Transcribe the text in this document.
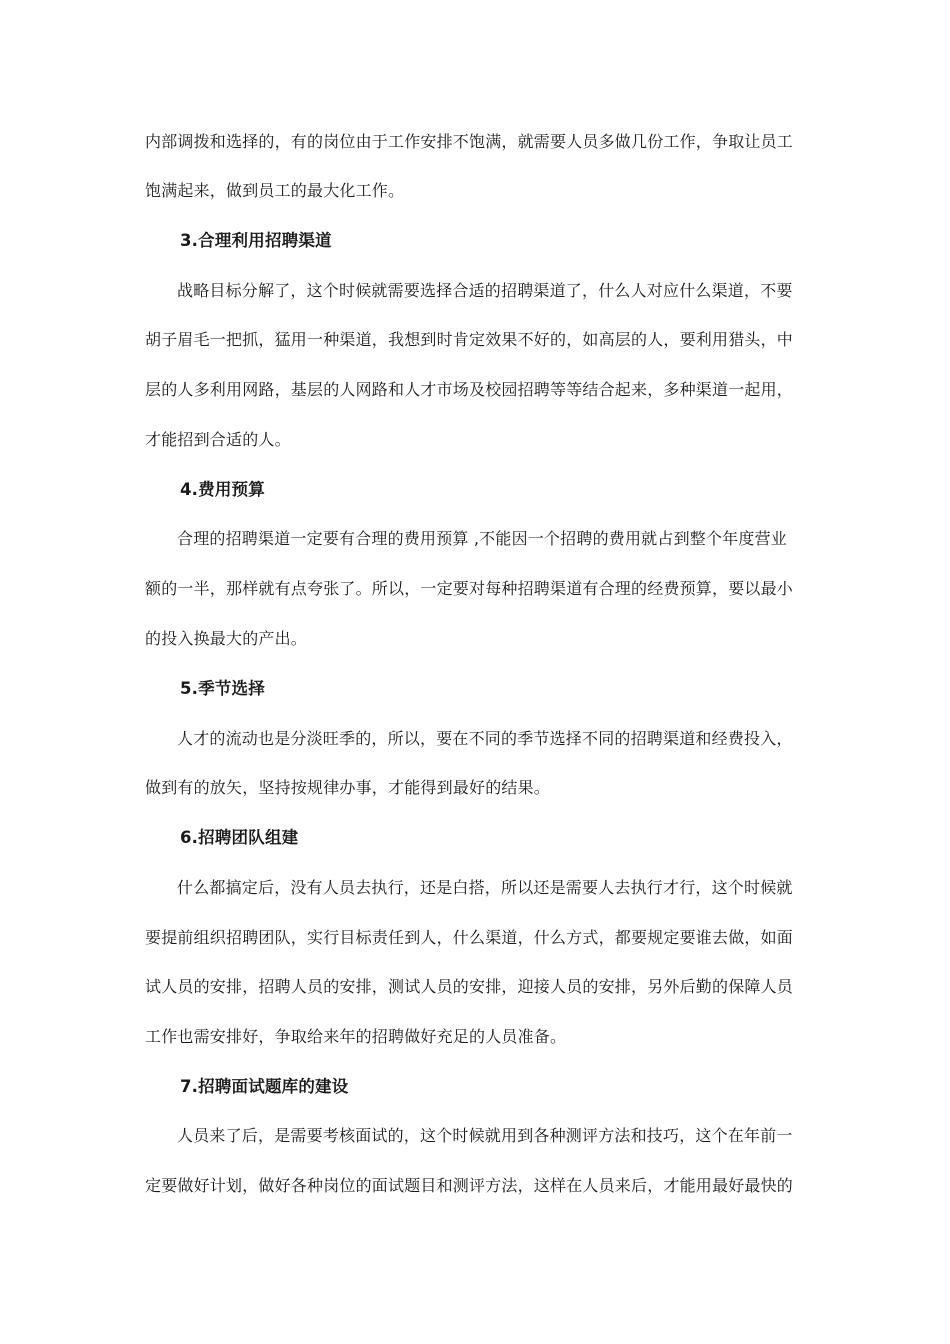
内部调拨和选择的，有的岗位由于工作安排不饱满，就需要人员多做几份工作，争取让员工
饱满起来，做到员工的最大化工作。
3.合理利用招聘渠道
战略目标分解了，这个时候就需要选择合适的招聘渠道了，什么人对应什么渠道，不要
胡子眉毛一把抓，猛用一种渠道，我想到时肯定效果不好的，如高层的人，要利用猎头，中
层的人多利用网路，基层的人网路和人才市场及校园招聘等等结合起来，多种渠道一起用，
才能招到合适的人。
4.费用预算
合理的招聘渠道一定要有合理的费用预算 ,不能因一个招聘的费用就占到整个年度营业
额的一半，那样就有点夸张了。所以，一定要对每种招聘渠道有合理的经费预算，要以最小
的投入换最大的产出。
5.季节选择
人才的流动也是分淡旺季的，所以，要在不同的季节选择不同的招聘渠道和经费投入，
做到有的放矢，坚持按规律办事，才能得到最好的结果。
6.招聘团队组建
什么都搞定后，没有人员去执行，还是白搭，所以还是需要人去执行才行，这个时候就
要提前组织招聘团队，实行目标责任到人，什么渠道，什么方式，都要规定要谁去做，如面
试人员的安排，招聘人员的安排，测试人员的安排，迎接人员的安排，另外后勤的保障人员
工作也需安排好，争取给来年的招聘做好充足的人员准备。
7.招聘面试题库的建设
人员来了后，是需要考核面试的，这个时候就用到各种测评方法和技巧，这个在年前一
定要做好计划，做好各种岗位的面试题目和测评方法，这样在人员来后，才能用最好最快的
